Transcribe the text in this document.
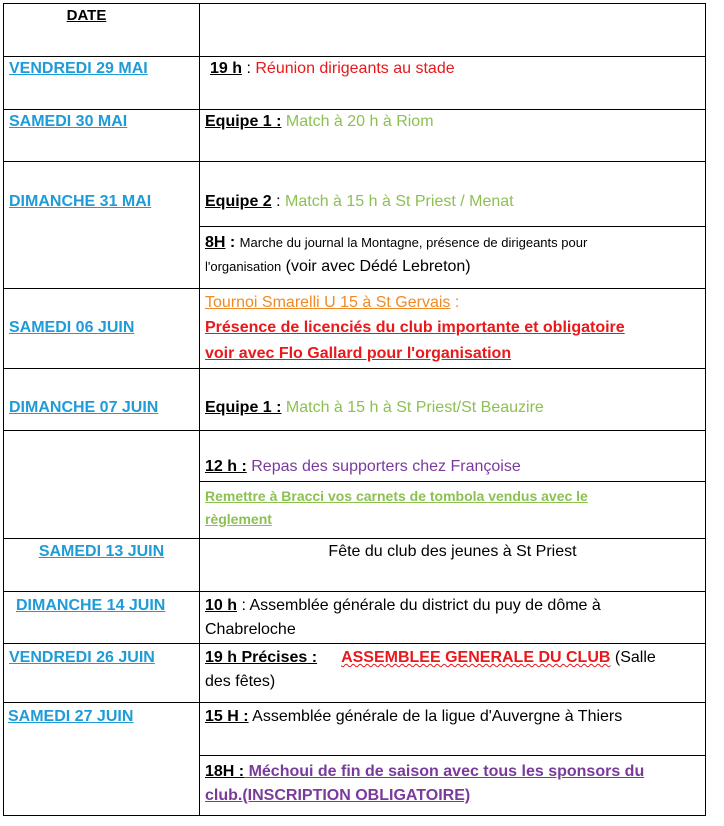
DATE	

VENDREDI 29 MAI	19 h : Réunion dirigeants au stade
SAMEDI 30 MAI	Equipe 1 : Match à 20 h à Riom
DIMANCHE 31 MAI	Equipe 2 : Match à 15 h à St Priest / Menat

	8H : Marche du journal la Montagne, présence de dirigeants pour
l'organisation (voir avec Dédé Lebreton)

SAMEDI 06 JUIN	Tournoi Smarelli U 15 à St Gervais :
Présence de licenciés du club importante et obligatoire
voir avec Flo Gallard pour l'organisation

DIMANCHE 07 JUIN	Equipe 1 : Match à 15 h à St Priest/St Beauzire
	12 h : Repas des supporters chez Françoise

	Remettre à Bracci vos carnets de tombola vendus avec le
règlement

SAMEDI 13 JUIN	Fête du club des jeunes à St Priest
DIMANCHE 14 JUIN	10 h : Assemblée générale du district du puy de dôme à
Chabreloche

VENDREDI 26 JUIN	19 h Précises : ASSEMBLEE GENERALE DU CLUB (Salle
des fêtes)

SAMEDI 27 JUIN	15 H : Assemblée générale de la ligue d'Auvergne à Thiers

	18H : Méchoui de fin de saison avec tous les sponsors du
club.(INSCRIPTION OBLIGATOIRE)
